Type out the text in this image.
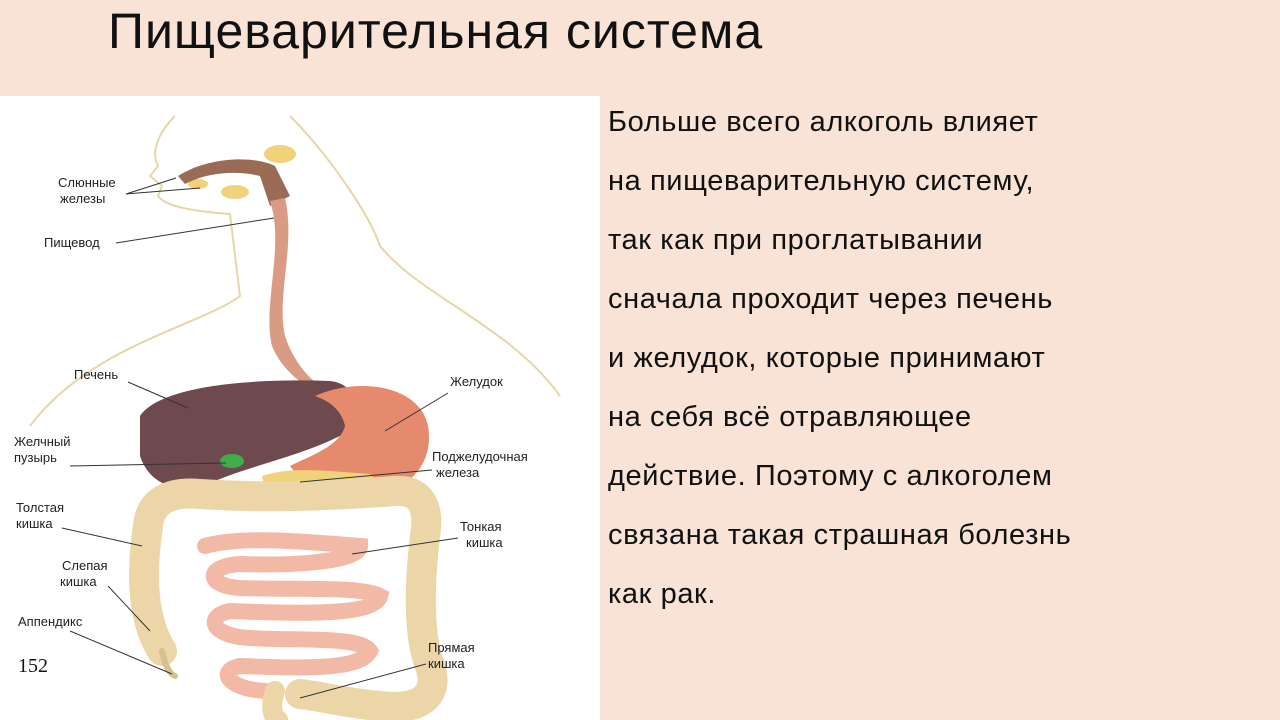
Пищеварительная система
Слюнные
железы
Пищевод
Печень	Желудок
Желчный
пузырь	Поджелудочная
железа
Толстая
кишка	Тонкая
кишка
Слепая
кишка
Аппендикс
Прямая
кишка
152
Больше всего алкоголь влияет
на пищеварительную систему,
так как при проглатывании
сначала проходит через печень
и желудок, которые принимают
на себя всё отравляющее
действие. Поэтому с алкоголем
связана такая страшная болезнь
как рак.
